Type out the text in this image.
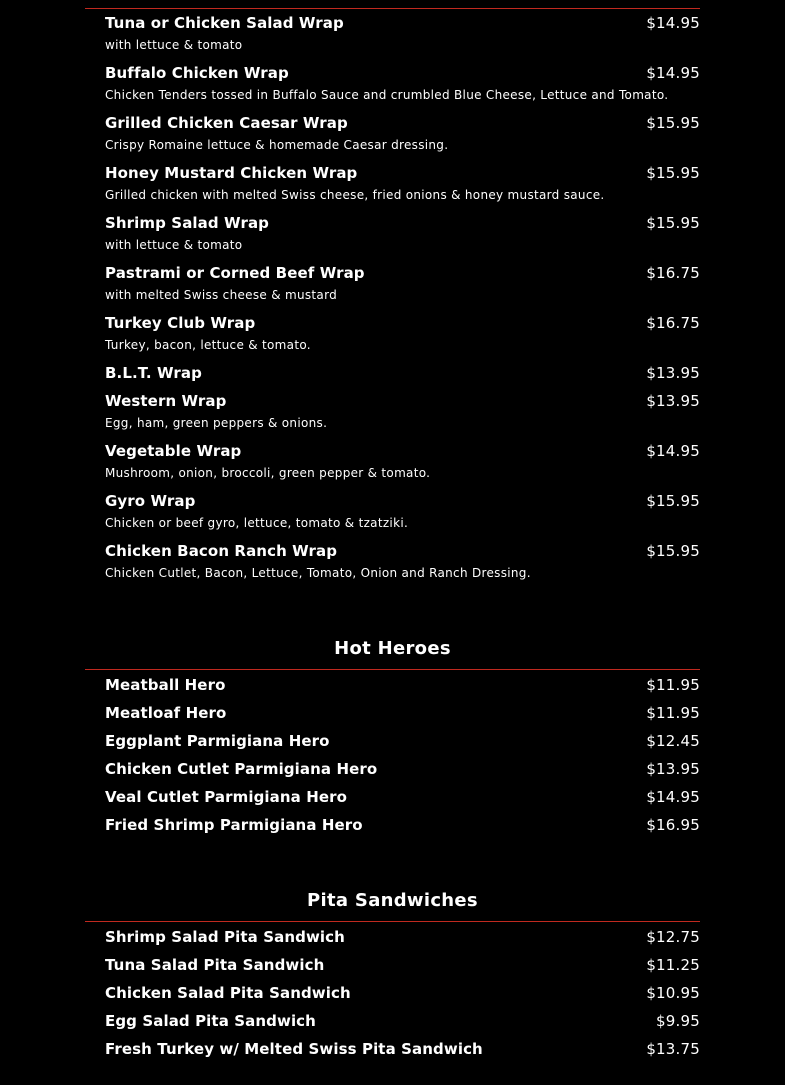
Tuna or Chicken Salad Wrap	$14.95
with lettuce & tomato
Buffalo Chicken Wrap	$14.95
Chicken Tenders tossed in Buffalo Sauce and crumbled Blue Cheese, Lettuce and Tomato.
Grilled Chicken Caesar Wrap	$15.95
Crispy Romaine lettuce & homemade Caesar dressing.
Honey Mustard Chicken Wrap	$15.95
Grilled chicken with melted Swiss cheese, fried onions & honey mustard sauce.
Shrimp Salad Wrap	$15.95
with lettuce & tomato
Pastrami or Corned Beef Wrap	$16.75
with melted Swiss cheese & mustard
Turkey Club Wrap	$16.75
Turkey, bacon, lettuce & tomato.
B.L.T. Wrap	$13.95
Western Wrap	$13.95
Egg, ham, green peppers & onions.
Vegetable Wrap	$14.95
Mushroom, onion, broccoli, green pepper & tomato.
Gyro Wrap	$15.95
Chicken or beef gyro, lettuce, tomato & tzatziki.
Chicken Bacon Ranch Wrap	$15.95
Chicken Cutlet, Bacon, Lettuce, Tomato, Onion and Ranch Dressing.
Hot Heroes
Meatball Hero	$11.95
Meatloaf Hero	$11.95
Eggplant Parmigiana Hero	$12.45
Chicken Cutlet Parmigiana Hero	$13.95
Veal Cutlet Parmigiana Hero	$14.95
Fried Shrimp Parmigiana Hero	$16.95
Pita Sandwiches
Shrimp Salad Pita Sandwich	$12.75
Tuna Salad Pita Sandwich	$11.25
Chicken Salad Pita Sandwich	$10.95
Egg Salad Pita Sandwich	$9.95
Fresh Turkey w/ Melted Swiss Pita Sandwich	$13.75
